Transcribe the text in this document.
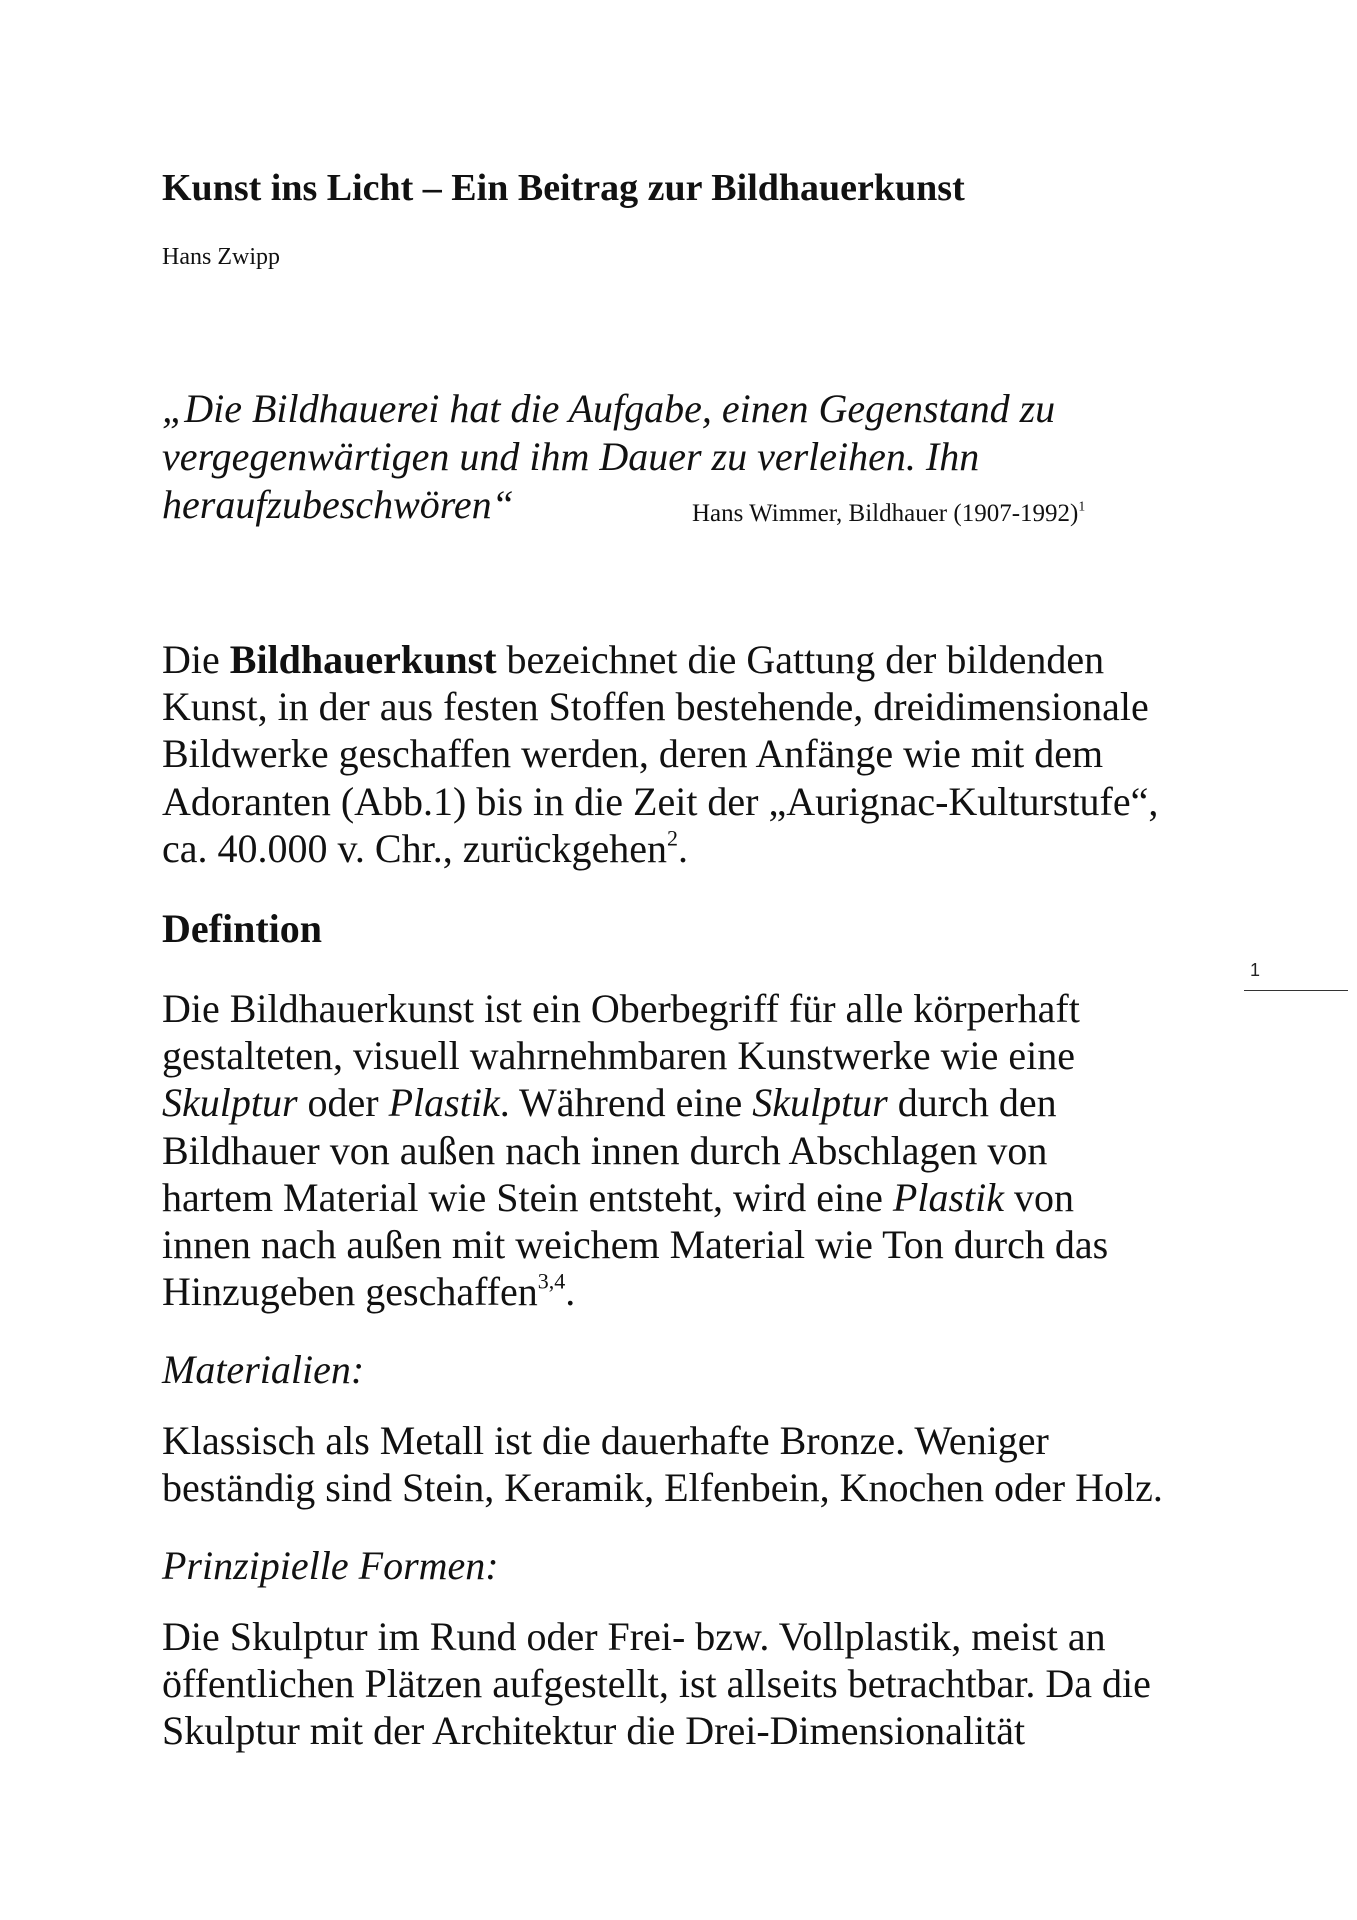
Kunst ins Licht – Ein Beitrag zur Bildhauerkunst
Hans Zwipp
„Die Bildhauerei hat die Aufgabe, einen Gegenstand zu
vergegenwärtigen und ihm Dauer zu verleihen. Ihn
heraufzubeschwören“	Hans Wimmer, Bildhauer (1907-1992)$^1$
Die Bildhauerkunst bezeichnet die Gattung der bildenden
Kunst, in der aus festen Stoffen bestehende, dreidimensionale
Bildwerke geschaffen werden, deren Anfänge wie mit dem
Adoranten (Abb.1) bis in die Zeit der „Aurignac-Kulturstufe“,
ca. 40.000 v. Chr., zurückgehen$^2$.
Defintion
1
Die Bildhauerkunst ist ein Oberbegriff für alle körperhaft
gestalteten, visuell wahrnehmbaren Kunstwerke wie eine
Skulptur oder Plastik. Während eine Skulptur durch den
Bildhauer von außen nach innen durch Abschlagen von
hartem Material wie Stein entsteht, wird eine Plastik von
innen nach außen mit weichem Material wie Ton durch das
Hinzugeben geschaffen$^{3,4}$.
Materialien:
Klassisch als Metall ist die dauerhafte Bronze. Weniger
beständig sind Stein, Keramik, Elfenbein, Knochen oder Holz.
Prinzipielle Formen:
Die Skulptur im Rund oder Frei- bzw. Vollplastik, meist an
öffentlichen Plätzen aufgestellt, ist allseits betrachtbar. Da die
Skulptur mit der Architektur die Drei-Dimensionalität
